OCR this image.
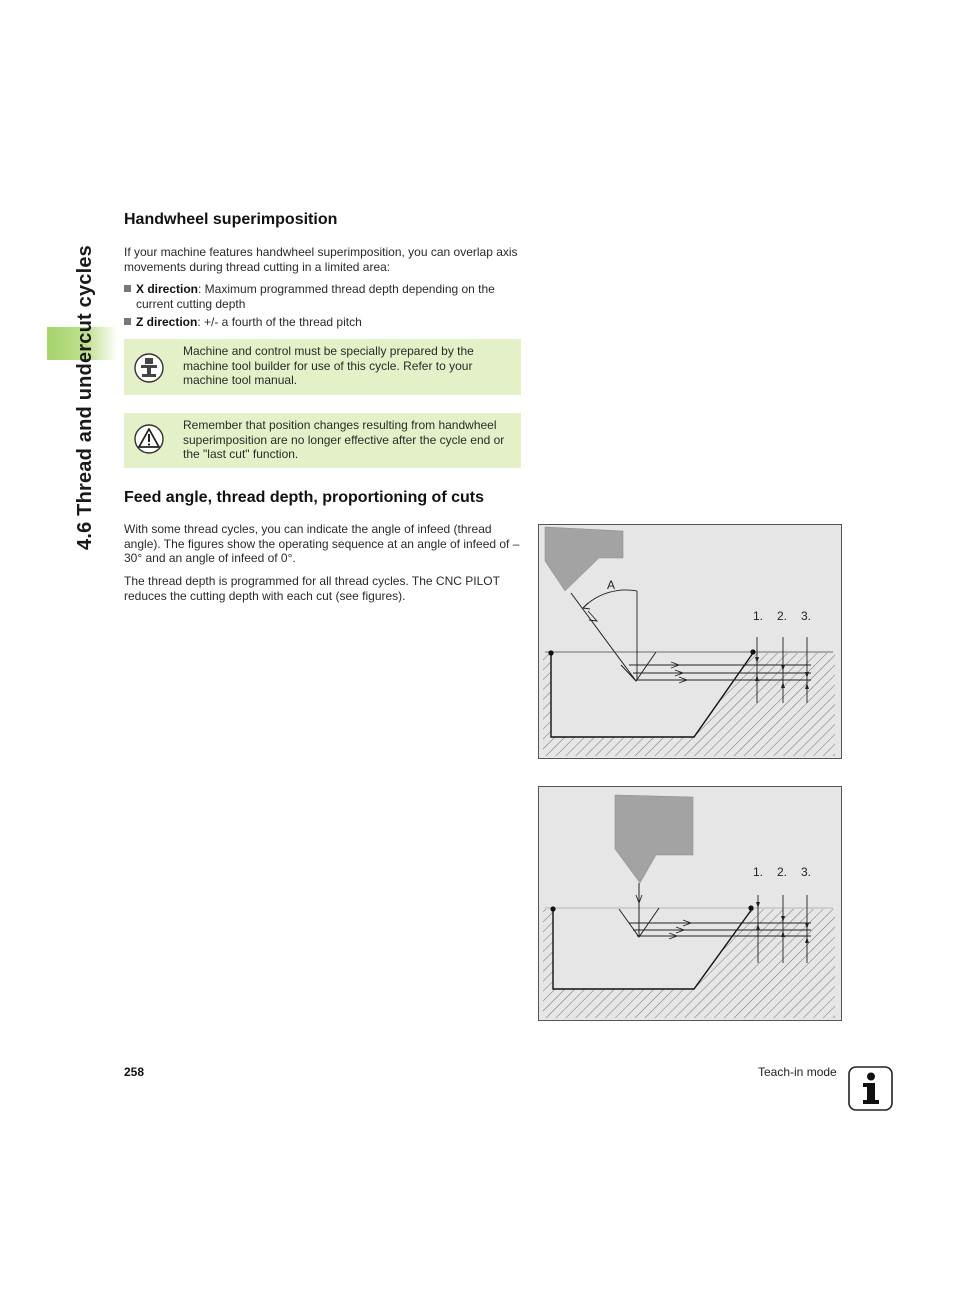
4.6 Thread and undercut cycles
Handwheel superimposition

If your machine features handwheel superimposition, you can overlap axis movements during thread cutting in a limited area:

X direction: Maximum programmed thread depth depending on the current cutting depth
Z direction: +/- a fourth of the thread pitch
Machine and control must be specially prepared by the machine tool builder for use of this cycle. Refer to your machine tool manual.
Remember that position changes resulting from handwheel superimposition are no longer effective after the cycle end or the "last cut" function.
Feed angle, thread depth, proportioning of cuts

With some thread cycles, you can indicate the angle of infeed (thread angle). The figures show the operating sequence at an angle of infeed of –30° and an angle of infeed of 0°.

The thread depth is programmed for all thread cycles. The CNC PILOT reduces the cutting depth with each cut (see figures).

A
1. 2. 3.
1. 2. 3.
258	Teach-in mode
